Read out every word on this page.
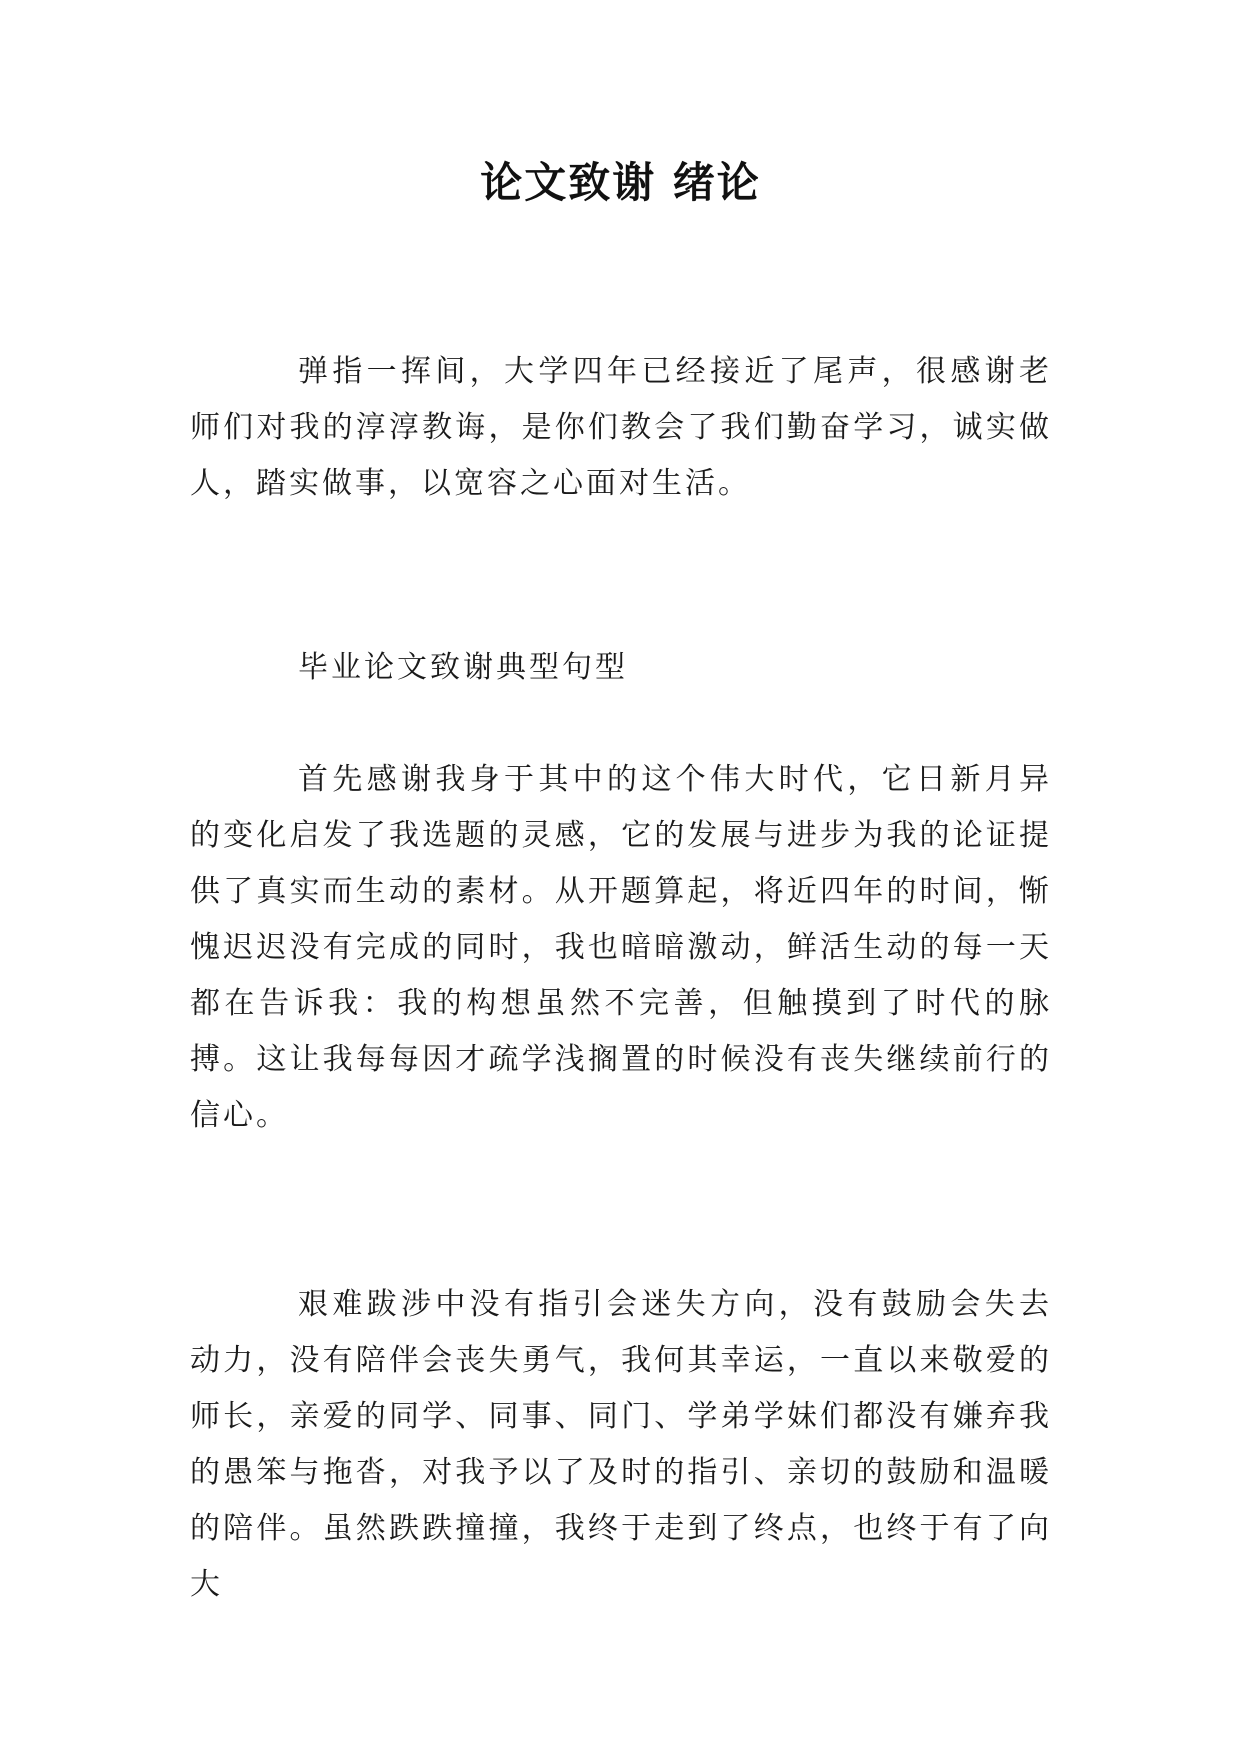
论文致谢 绪论

弹指一挥间，大学四年已经接近了尾声，很感谢老师们对我的淳淳教诲，是你们教会了我们勤奋学习，诚实做人，踏实做事，以宽容之心面对生活。

毕业论文致谢典型句型

首先感谢我身于其中的这个伟大时代，它日新月异的变化启发了我选题的灵感，它的发展与进步为我的论证提供了真实而生动的素材。从开题算起，将近四年的时间，惭愧迟迟没有完成的同时，我也暗暗激动，鲜活生动的每一天都在告诉我：我的构想虽然不完善，但触摸到了时代的脉搏。这让我每每因才疏学浅搁置的时候没有丧失继续前行的信心。

艰难跋涉中没有指引会迷失方向，没有鼓励会失去动力，没有陪伴会丧失勇气，我何其幸运，一直以来敬爱的师长，亲爱的同学、同事、同门、学弟学妹们都没有嫌弃我的愚笨与拖沓，对我予以了及时的指引、亲切的鼓励和温暖的陪伴。虽然跌跌撞撞，我终于走到了终点，也终于有了向大
